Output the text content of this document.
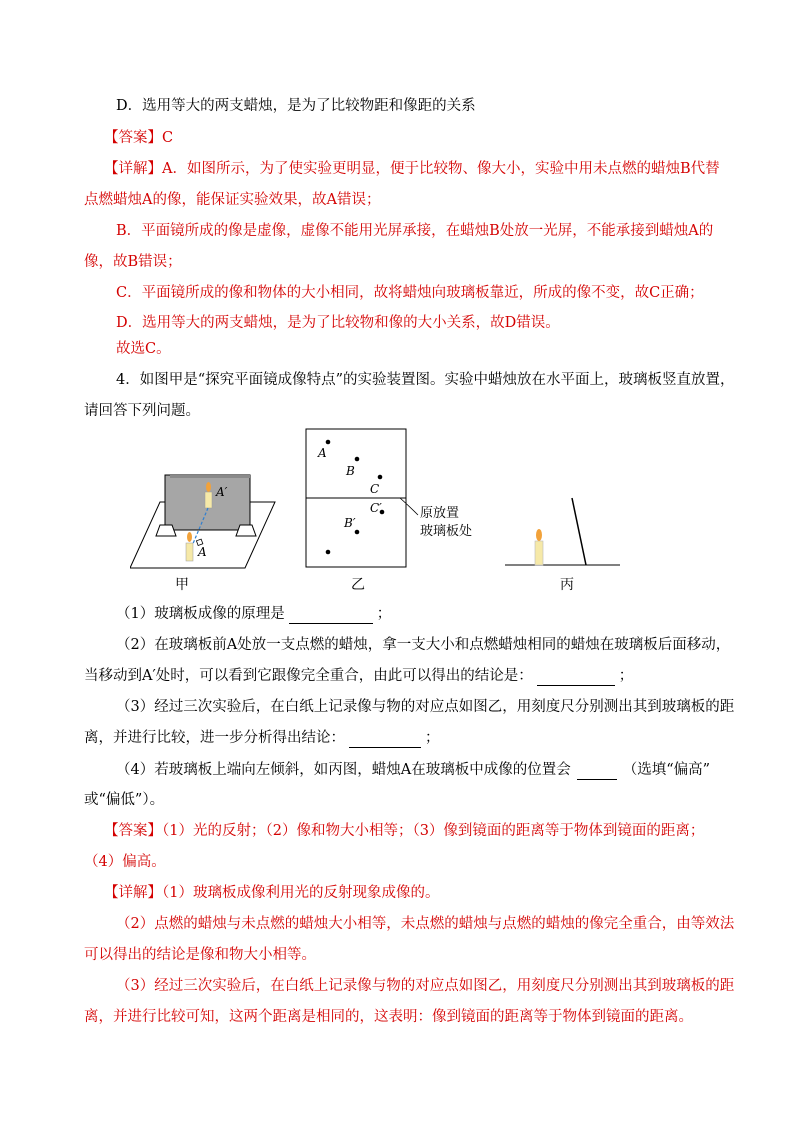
D．选用等大的两支蜡烛，是为了比较物距和像距的关系
【答案】C
【详解】A．如图所示，为了使实验更明显，便于比较物、像大小，实验中用未点燃的蜡烛B代替
点燃蜡烛A的像，能保证实验效果，故A错误；
B．平面镜所成的像是虚像，虚像不能用光屏承接，在蜡烛B处放一光屏，不能承接到蜡烛A的
像，故B错误；
C．平面镜所成的像和物体的大小相同，故将蜡烛向玻璃板靠近，所成的像不变，故C正确；
D．选用等大的两支蜡烛，是为了比较物和像的大小关系，故D错误。
故选C。
4．如图甲是“探究平面镜成像特点”的实验装置图。实验中蜡烛放在水平面上，玻璃板竖直放置，
请回答下列问题。
A′
A
甲
A
B
C
C′
B′
原放置
玻璃板处
乙	丙
（1）玻璃板成像的原理是	；
（2）在玻璃板前A处放一支点燃的蜡烛，拿一支大小和点燃蜡烛相同的蜡烛在玻璃板后面移动，
当移动到A′处时，可以看到它跟像完全重合，由此可以得出的结论是：	；
（3）经过三次实验后，在白纸上记录像与物的对应点如图乙，用刻度尺分别测出其到玻璃板的距
离，并进行比较，进一步分析得出结论：	；
（4）若玻璃板上端向左倾斜，如丙图，蜡烛A在玻璃板中成像的位置会	（选填“偏高”
或“偏低”）。
【答案】（1）光的反射；（2）像和物大小相等；（3）像到镜面的距离等于物体到镜面的距离；
（4）偏高。
【详解】（1）玻璃板成像利用光的反射现象成像的。
（2）点燃的蜡烛与未点燃的蜡烛大小相等，未点燃的蜡烛与点燃的蜡烛的像完全重合，由等效法
可以得出的结论是像和物大小相等。
（3）经过三次实验后，在白纸上记录像与物的对应点如图乙，用刻度尺分别测出其到玻璃板的距
离，并进行比较可知，这两个距离是相同的，这表明：像到镜面的距离等于物体到镜面的距离。
